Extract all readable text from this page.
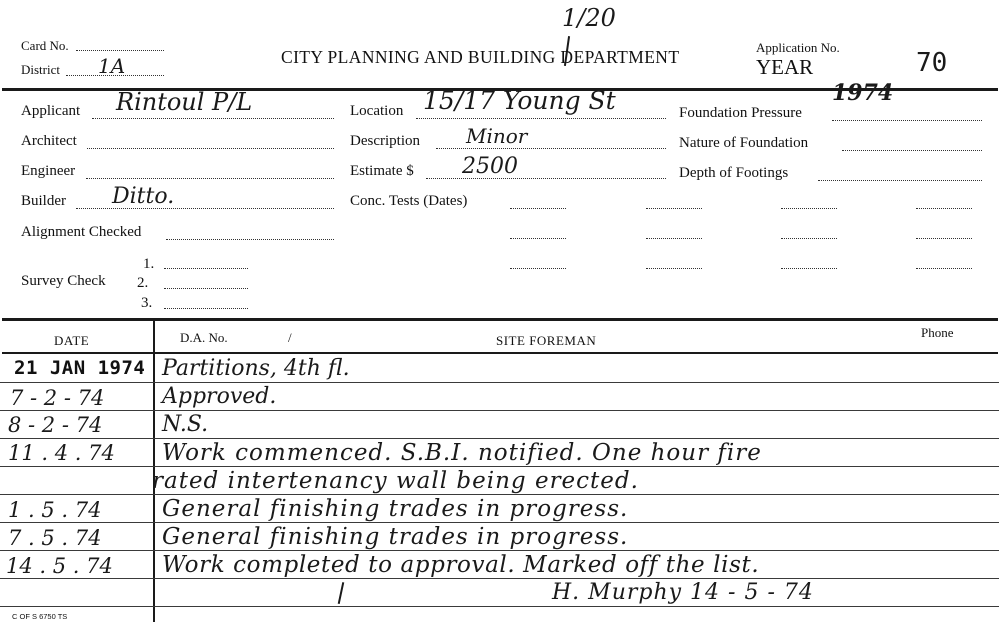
Card No.
District 1A
1/20
CITY PLANNING AND BUILDING DEPARTMENT	Application No.
YEAR	70
Applicant Rintoul P/L
Architect
Engineer
Builder Ditto.
Alignment Checked
Survey Check
1.
2.
3.
Location 15/17 Young St
Description Minor
Estimate $ 2500
Conc. Tests (Dates)
Foundation Pressure
1974
Nature of Foundation
Depth of Footings
DATE	D.A. No.	/	SITE FOREMAN
Phone
21 JAN 1974 Partitions, 4th fl.
7 - 2 - 74	Approved.
8 - 2 - 74	N.S.
11 . 4 . 74 Work commenced. S.B.I. notified. One hour fire
rated intertenancy wall being erected.
1 . 5 . 74	General finishing trades in progress.
7 . 5 . 74	General finishing trades in progress.
14 . 5 . 74 Work completed to approval. Marked off the list.
H. Murphy 14 - 5 - 74
C OF S 6750 TS
